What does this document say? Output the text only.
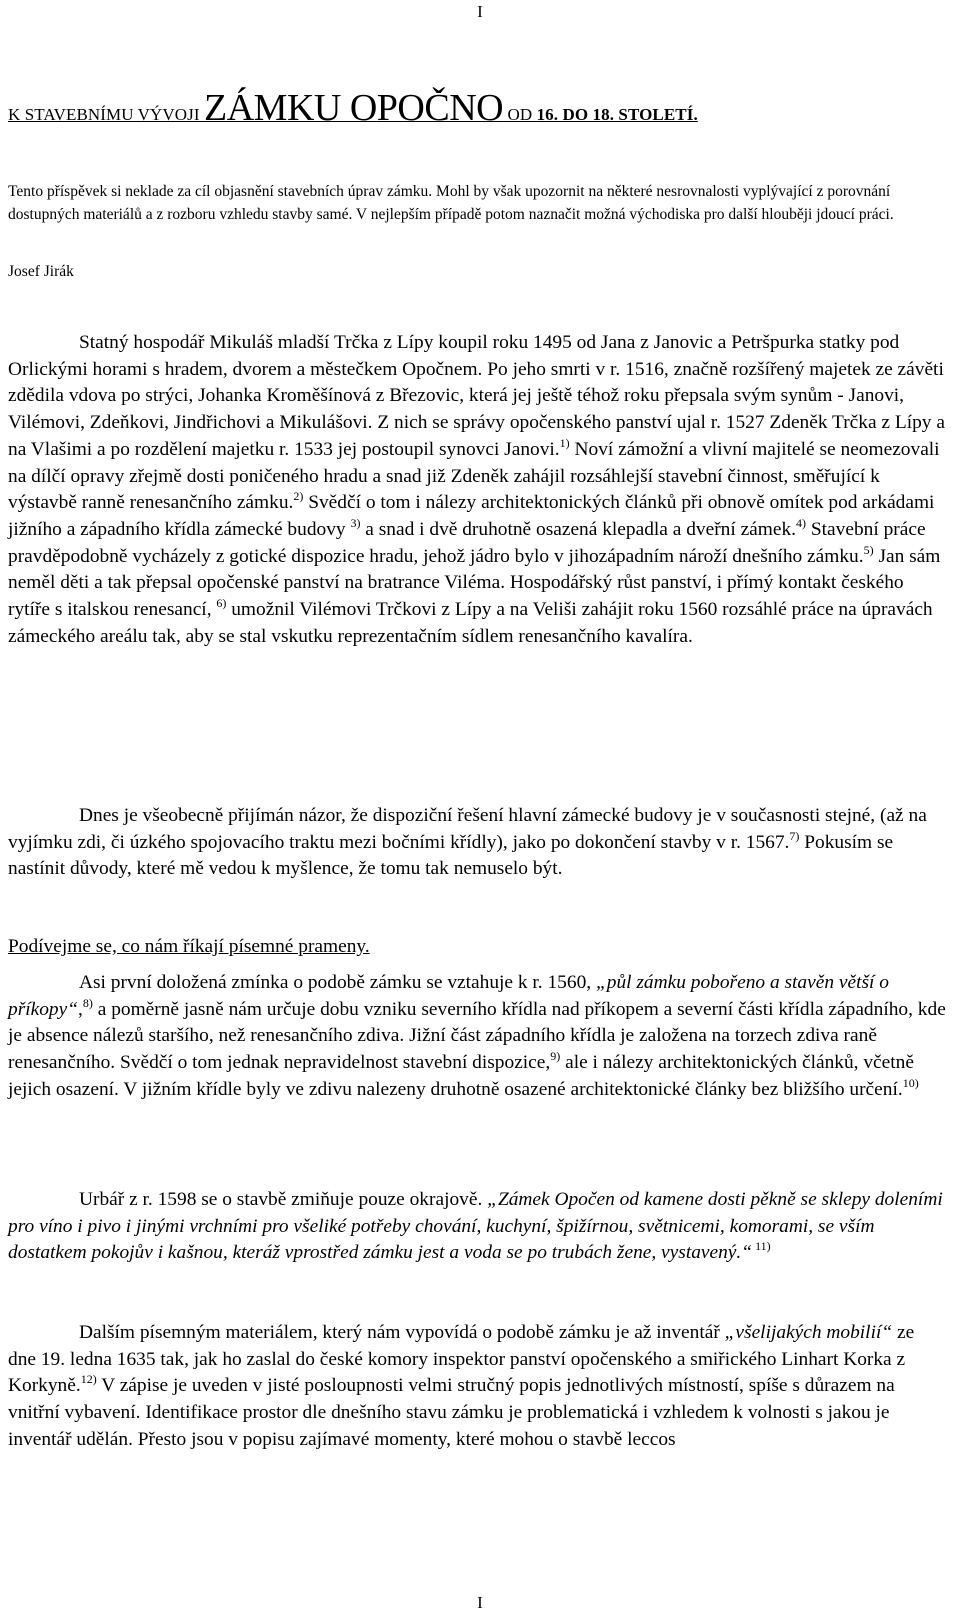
I
K STAVEBNÍMU VÝVOJI ZÁMKU OPOČNO OD 16. DO 18. STOLETÍ.

Tento příspěvek si neklade za cíl objasnění stavebních úprav zámku. Mohl by však upozornit na některé nesrovnalosti vyplývající z porovnání dostupných materiálů a z rozboru vzhledu stavby samé. V nejlepším případě potom naznačit možná východiska pro další hlouběji jdoucí práci.

Josef Jirák

Statný hospodář Mikuláš mladší Trčka z Lípy koupil roku 1495 od Jana z Janovic a Petršpurka statky pod Orlickými horami s hradem, dvorem a městečkem Opočnem. Po jeho smrti v r. 1516, značně rozšířený majetek ze závěti zdědila vdova po strýci, Johanka Kroměšínová z Březovic, která jej ještě téhož roku přepsala svým synům - Janovi, Vilémovi, Zdeňkovi, Jindřichovi a Mikulášovi. Z nich se správy opočenského panství ujal r. 1527 Zdeněk Trčka z Lípy a na Vlašimi a po rozdělení majetku r. 1533 jej postoupil synovci Janovi.$^{1)}$ Noví zámožní a vlivní majitelé se neomezovali na dílčí opravy zřejmě dosti poničeného hradu a snad již Zdeněk zahájil rozsáhlejší stavební činnost, směřující k výstavbě ranně renesančního zámku.$^{2)}$ Svědčí o tom i nálezy architektonických článků při obnově omítek pod arkádami jižního a západního křídla zámecké budovy $^{3)}$ a snad i dvě druhotně osazená klepadla a dveřní zámek.$^{4)}$ Stavební práce pravděpodobně vycházely z gotické dispozice hradu, jehož jádro bylo v jihozápadním nároží dnešního zámku.$^{5)}$ Jan sám neměl děti a tak přepsal opočenské panství na bratrance Viléma. Hospodářský růst panství, i přímý kontakt českého rytíře s italskou renesancí, $^{6)}$ umožnil Vilémovi Trčkovi z Lípy a na Veliši zahájit roku 1560 rozsáhlé práce na úpravách zámeckého areálu tak, aby se stal vskutku reprezentačním sídlem renesančního kavalíra.

Dnes je všeobecně přijímán názor, že dispoziční řešení hlavní zámecké budovy je v současnosti stejné, (až na vyjímku zdi, či úzkého spojovacího traktu mezi bočními křídly), jako po dokončení stavby v r. 1567.$^{7)}$ Pokusím se nastínit důvody, které mě vedou k myšlence, že tomu tak nemuselo být.

Podívejme se, co nám říkají písemné prameny.

Asi první doložená zmínka o podobě zámku se vztahuje k r. 1560, „půl zámku pobořeno a stavěn větší o příkopy“,$^{8)}$ a poměrně jasně nám určuje dobu vzniku severního křídla nad příkopem a severní části křídla západního, kde je absence nálezů staršího, než renesančního zdiva. Jižní část západního křídla je založena na torzech zdiva raně renesančního. Svědčí o tom jednak nepravidelnost stavební dispozice,$^{9)}$ ale i nálezy architektonických článků, včetně jejich osazení. V jižním křídle byly ve zdivu nalezeny druhotně osazené architektonické články bez bližšího určení.$^{10)}$

Urbář z r. 1598 se o stavbě zmiňuje pouze okrajově. „Zámek Opočen od kamene dosti pěkně se sklepy doleními pro víno i pivo i jinými vrchními pro všeliké potřeby chování, kuchyní, špižírnou, světnicemi, komorami, se vším dostatkem pokojův i kašnou, kteráž vprostřed zámku jest a voda se po trubách žene, vystavený.“ $^{11)}$

Dalším písemným materiálem, který nám vypovídá o podobě zámku je až inventář „všelijakých mobilií“ ze dne 19. ledna 1635 tak, jak ho zaslal do české komory inspektor panství opočenského a smiřického Linhart Korka z Korkyně.$^{12)}$ V zápise je uveden v jisté posloupnosti velmi stručný popis jednotlivých místností, spíše s důrazem na vnitřní vybavení. Identifikace prostor dle dnešního stavu zámku je problematická i vzhledem k volnosti s jakou je inventář udělán. Přesto jsou v popisu zajímavé momenty, které mohou o stavbě leccos

I
